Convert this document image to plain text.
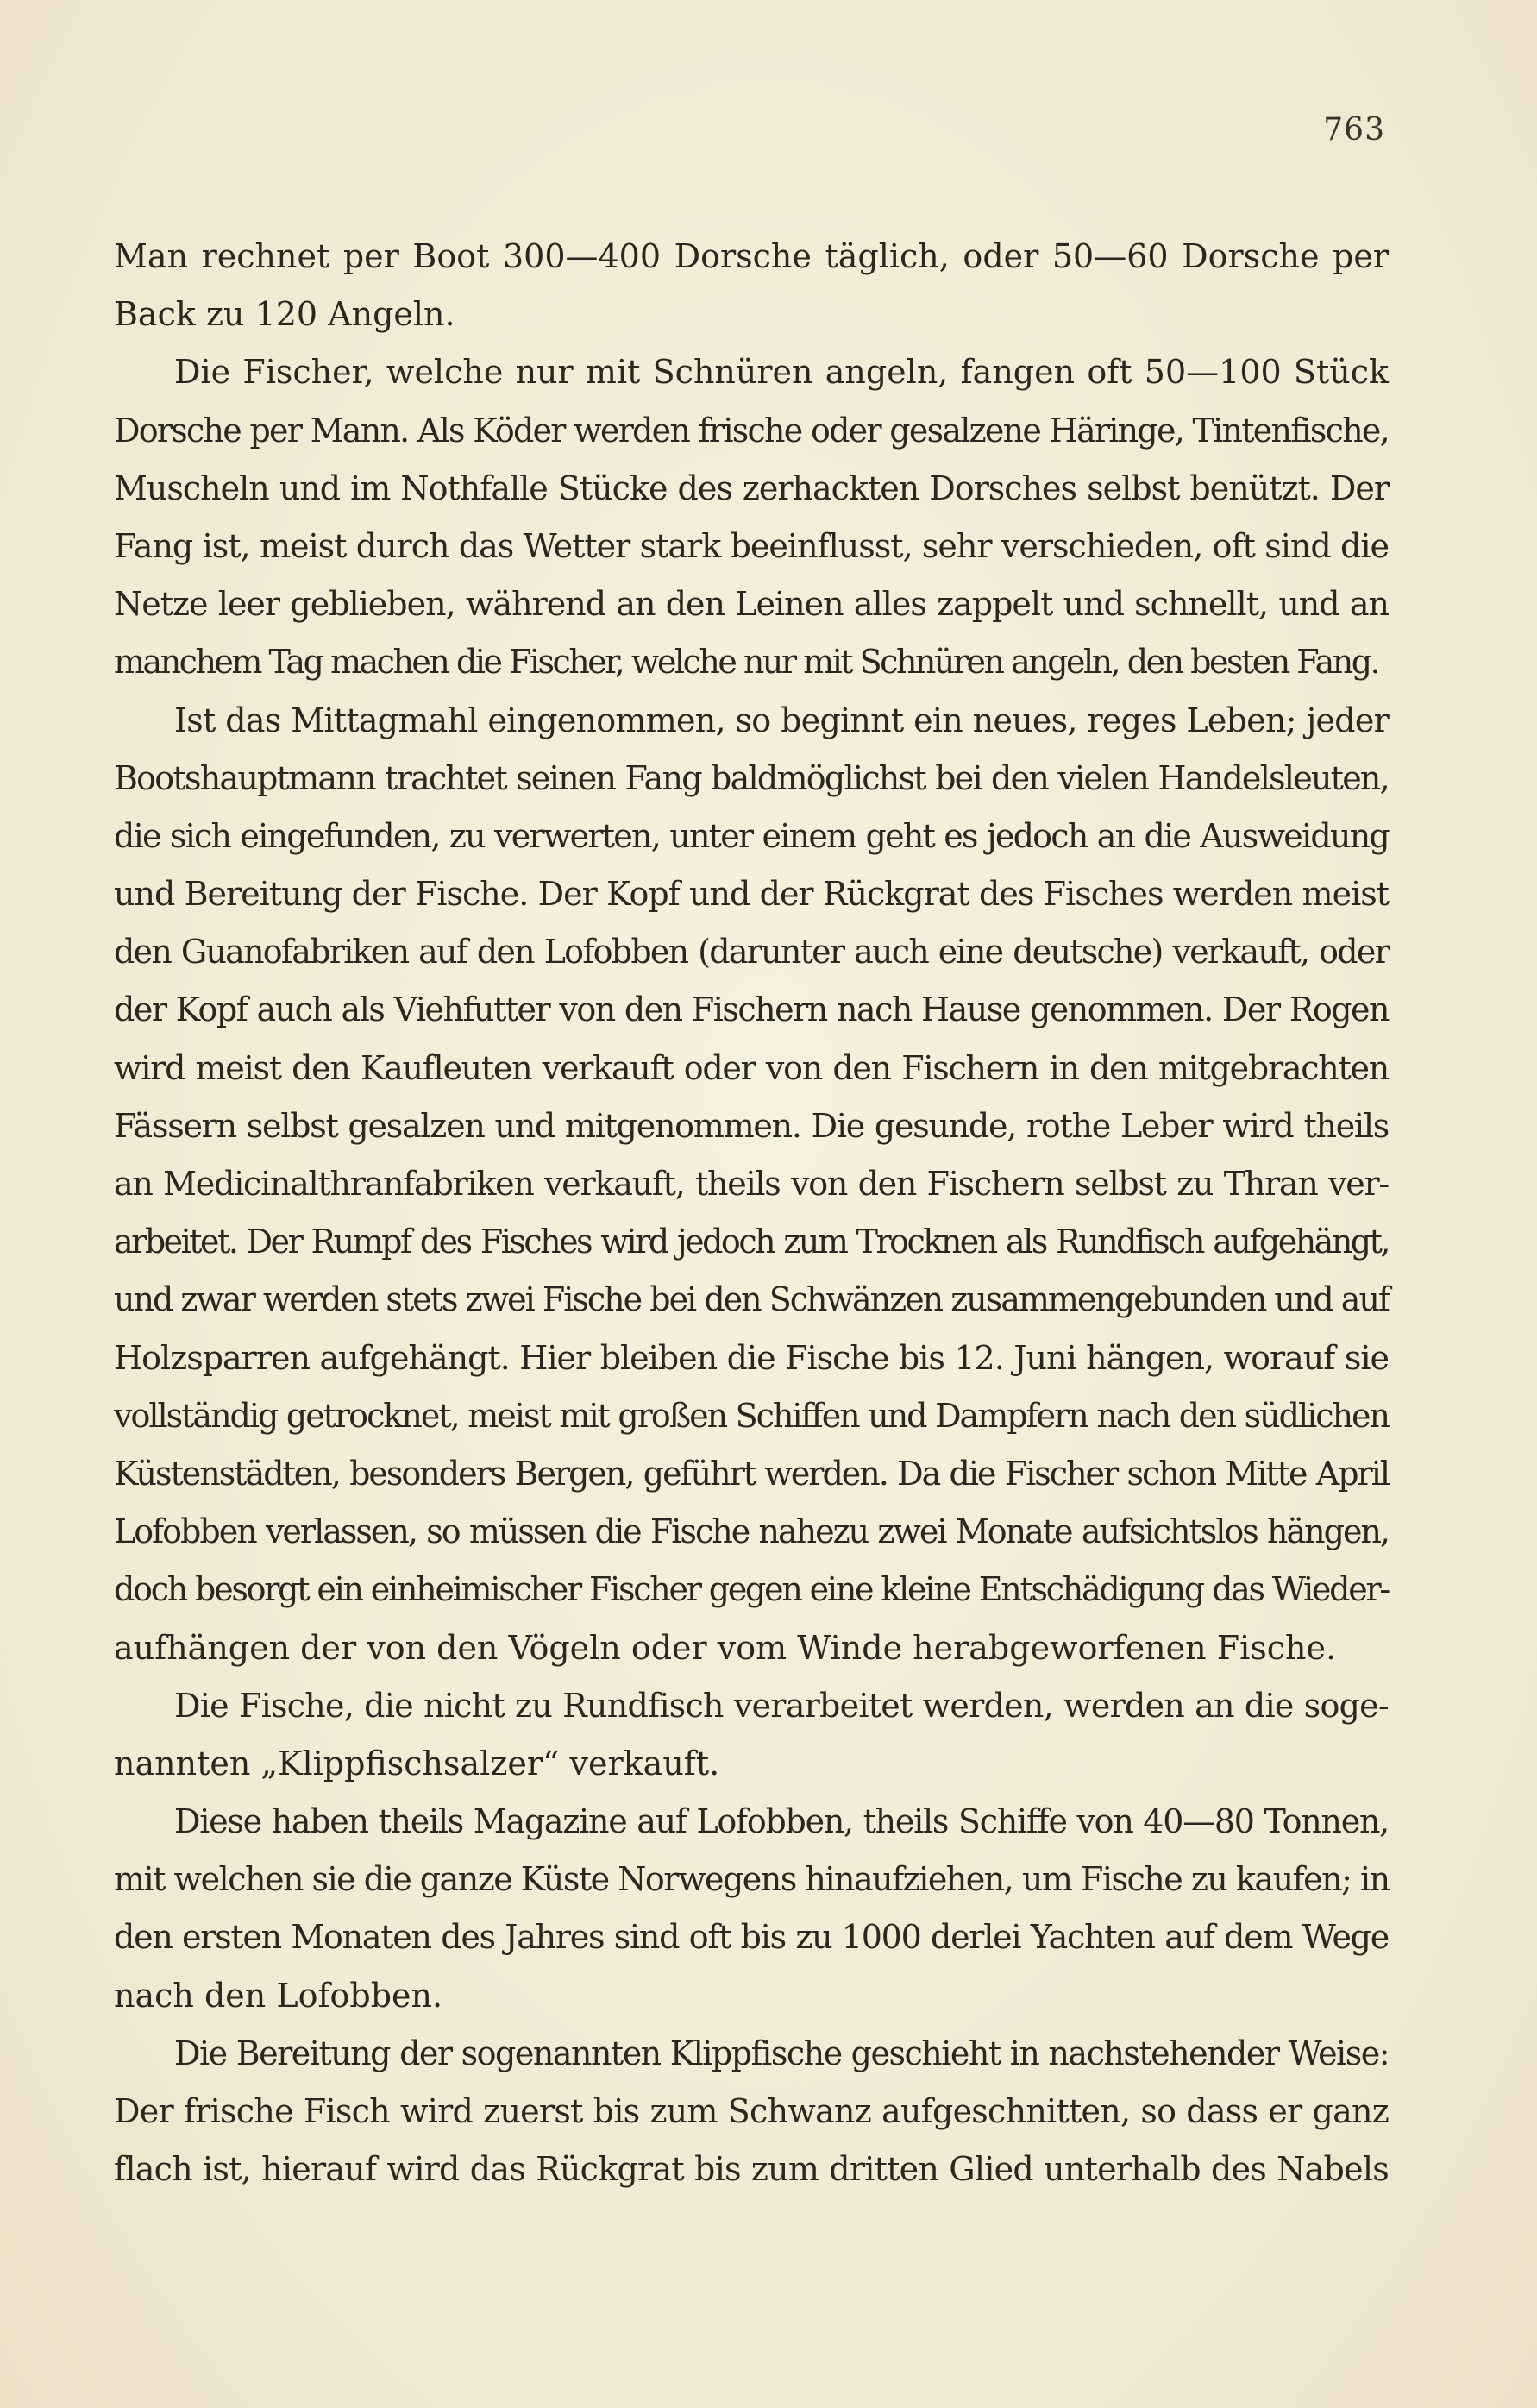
763
Man rechnet per Boot 300—400 Dorsche täglich, oder 50—60 Dorsche per
Back zu 120 Angeln.
Die Fischer, welche nur mit Schnüren angeln, fangen oft 50—100 Stück
Dorsche per Mann. Als Köder werden frische oder gesalzene Häringe, Tintenfische,
Muscheln und im Nothfalle Stücke des zerhackten Dorsches selbst benützt. Der
Fang ist, meist durch das Wetter stark beeinflusst, sehr verschieden, oft sind die
Netze leer geblieben, während an den Leinen alles zappelt und schnellt, und an
manchem Tag machen die Fischer, welche nur mit Schnüren angeln, den besten Fang.
Ist das Mittagmahl eingenommen, so beginnt ein neues, reges Leben; jeder
Bootshauptmann trachtet seinen Fang baldmöglichst bei den vielen Handelsleuten,
die sich eingefunden, zu verwerten, unter einem geht es jedoch an die Ausweidung
und Bereitung der Fische. Der Kopf und der Rückgrat des Fisches werden meist
den Guanofabriken auf den Lofobben (darunter auch eine deutsche) verkauft, oder
der Kopf auch als Viehfutter von den Fischern nach Hause genommen. Der Rogen
wird meist den Kaufleuten verkauft oder von den Fischern in den mitgebrachten
Fässern selbst gesalzen und mitgenommen. Die gesunde, rothe Leber wird theils
an Medicinalthranfabriken verkauft, theils von den Fischern selbst zu Thran ver-
arbeitet. Der Rumpf des Fisches wird jedoch zum Trocknen als Rundfisch aufgehängt,
und zwar werden stets zwei Fische bei den Schwänzen zusammengebunden und auf
Holzsparren aufgehängt. Hier bleiben die Fische bis 12. Juni hängen, worauf sie
vollständig getrocknet, meist mit großen Schiffen und Dampfern nach den südlichen
Küstenstädten, besonders Bergen, geführt werden. Da die Fischer schon Mitte April
Lofobben verlassen, so müssen die Fische nahezu zwei Monate aufsichtslos hängen,
doch besorgt ein einheimischer Fischer gegen eine kleine Entschädigung das Wieder-
aufhängen der von den Vögeln oder vom Winde herabgeworfenen Fische.
Die Fische, die nicht zu Rundfisch verarbeitet werden, werden an die soge-
nannten „Klippfischsalzer“ verkauft.
Diese haben theils Magazine auf Lofobben, theils Schiffe von 40—80 Tonnen,
mit welchen sie die ganze Küste Norwegens hinaufziehen, um Fische zu kaufen; in
den ersten Monaten des Jahres sind oft bis zu 1000 derlei Yachten auf dem Wege
nach den Lofobben.
Die Bereitung der sogenannten Klippfische geschieht in nachstehender Weise:
Der frische Fisch wird zuerst bis zum Schwanz aufgeschnitten, so dass er ganz
flach ist, hierauf wird das Rückgrat bis zum dritten Glied unterhalb des Nabels
